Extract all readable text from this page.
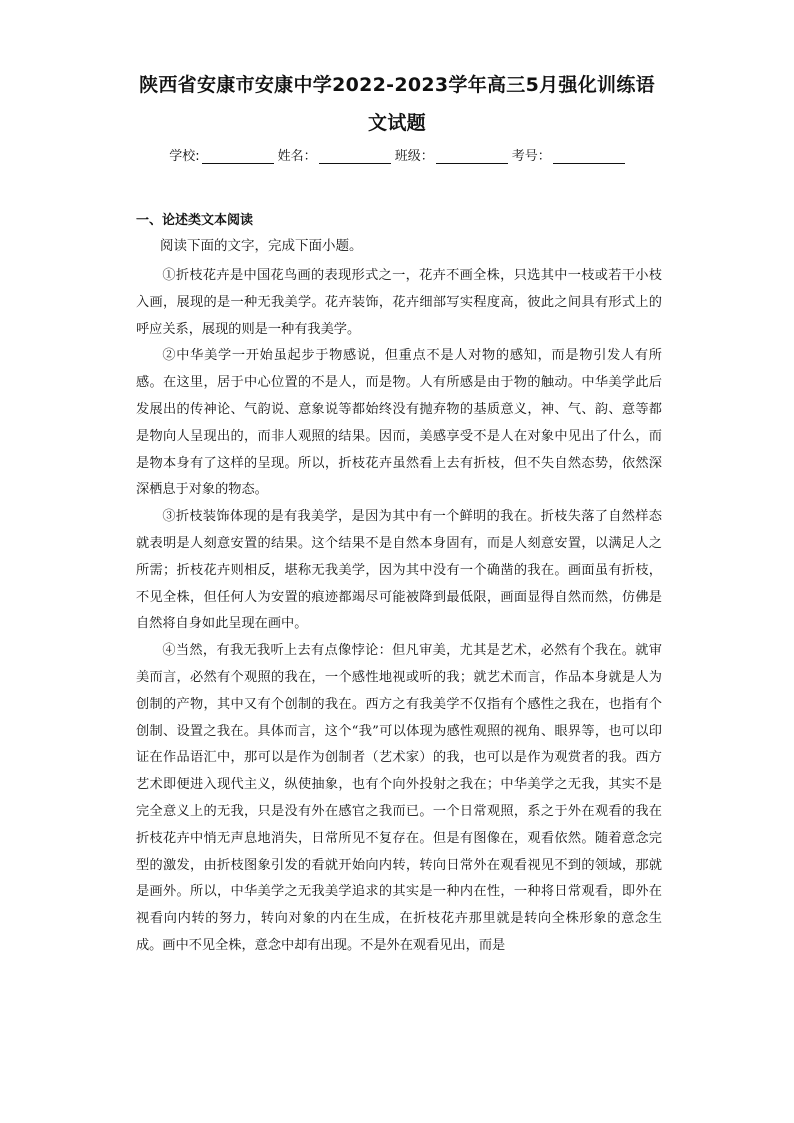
陕西省安康市安康中学2022-2023学年高三5月强化训练语
文试题
学校:	姓名：	班级：	考号：
一、论述类文本阅读
阅读下面的文字，完成下面小题。

①折枝花卉是中国花鸟画的表现形式之一，花卉不画全株，只选其中一枝或若干小枝入画，展现的是一种无我美学。花卉装饰，花卉细部写实程度高，彼此之间具有形式上的呼应关系，展现的则是一种有我美学。

②中华美学一开始虽起步于物感说，但重点不是人对物的感知，而是物引发人有所感。在这里，居于中心位置的不是人，而是物。人有所感是由于物的触动。中华美学此后发展出的传神论、气韵说、意象说等都始终没有抛弃物的基质意义，神、气、韵、意等都是物向人呈现出的，而非人观照的结果。因而，美感享受不是人在对象中见出了什么，而是物本身有了这样的呈现。所以，折枝花卉虽然看上去有折枝，但不失自然态势，依然深深栖息于对象的物态。

③折枝装饰体现的是有我美学，是因为其中有一个鲜明的我在。折枝失落了自然样态就表明是人刻意安置的结果。这个结果不是自然本身固有，而是人刻意安置，以满足人之所需；折枝花卉则相反，堪称无我美学，因为其中没有一个确凿的我在。画面虽有折枝，不见全株，但任何人为安置的痕迹都竭尽可能被降到最低限，画面显得自然而然，仿佛是自然将自身如此呈现在画中。

④当然，有我无我听上去有点像悖论：但凡审美，尤其是艺术，必然有个我在。就审美而言，必然有个观照的我在，一个感性地视或听的我；就艺术而言，作品本身就是人为创制的产物，其中又有个创制的我在。西方之有我美学不仅指有个感性之我在，也指有个创制、设置之我在。具体而言，这个“我”可以体现为感性观照的视角、眼界等，也可以印证在作品语汇中，那可以是作为创制者（艺术家）的我，也可以是作为观赏者的我。西方艺术即便进入现代主义，纵使抽象，也有个向外投射之我在；中华美学之无我，其实不是完全意义上的无我，只是没有外在感官之我而已。一个日常观照，系之于外在观看的我在折枝花卉中悄无声息地消失，日常所见不复存在。但是有图像在，观看依然。随着意念完型的激发，由折枝图象引发的看就开始向内转，转向日常外在观看视见不到的领域，那就是画外。所以，中华美学之无我美学追求的其实是一种内在性，一种将日常观看，即外在视看向内转的努力，转向对象的内在生成，在折枝花卉那里就是转向全株形象的意念生成。画中不见全株，意念中却有出现。不是外在观看见出，而是
